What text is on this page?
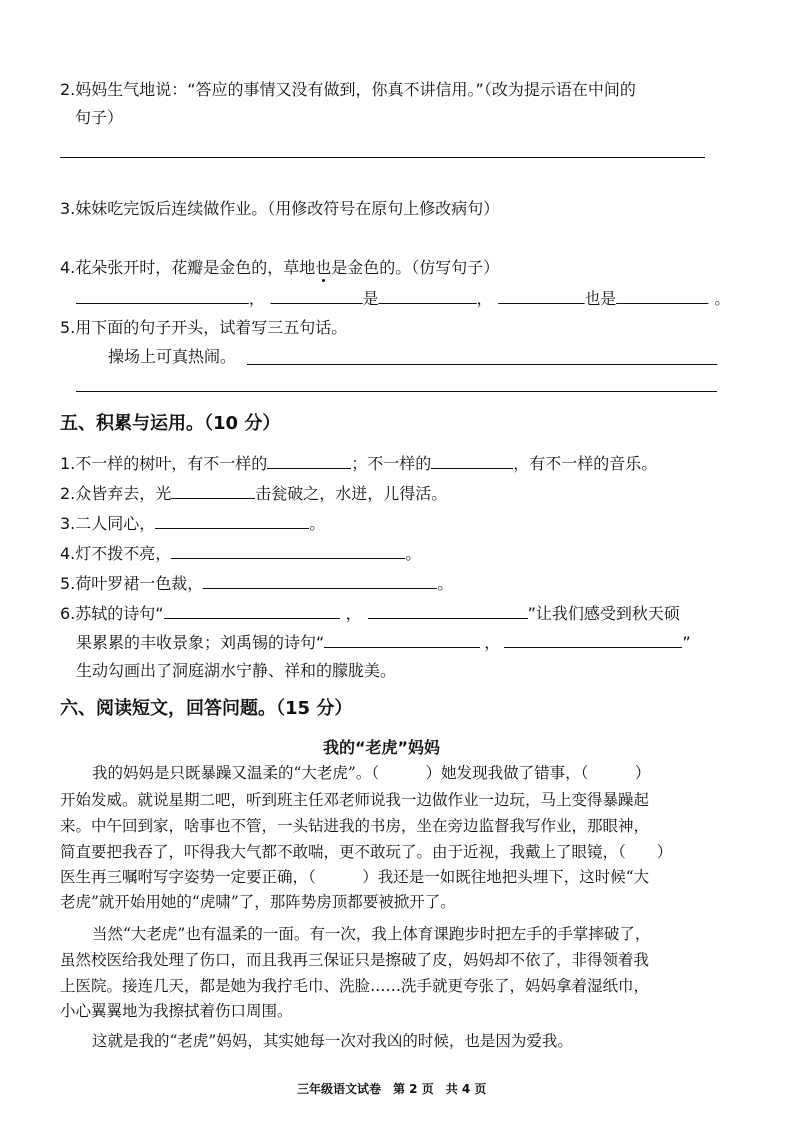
2.妈妈生气地说：“答应的事情又没有做到，你真不讲信用。”（改为提示语在中间的
句子）
3.妹妹吃完饭后连续做作业。（用修改符号在原句上修改病句）
4.花朵张开时，花瓣是金色的，草地也是金色的。（仿写句子）
，	是	，	也是	。
5.用下面的句子开头，试着写三五句话。
操场上可真热闹。
五、积累与运用。（10 分）
1.不一样的树叶，有不一样的	；不一样的	，有不一样的音乐。
2.众皆弃去，光	击瓮破之，水迸，儿得活。
3.二人同心，	。
4.灯不拨不亮，	。
5.荷叶罗裙一色裁，	。
6.苏轼的诗句“	，	”让我们感受到秋天硕
果累累的丰收景象；刘禹锡的诗句“	，	”
生动勾画出了洞庭湖水宁静、祥和的朦胧美。
六、阅读短文，回答问题。（15 分）
我的“老虎”妈妈
我的妈妈是只既暴躁又温柔的“大老虎”。（　　　）她发现我做了错事，（　　　）
开始发威。就说星期二吧，听到班主任邓老师说我一边做作业一边玩，马上变得暴躁起
来。中午回到家，啥事也不管，一头钻进我的书房，坐在旁边监督我写作业，那眼神，
简直要把我吞了，吓得我大气都不敢喘，更不敢玩了。由于近视，我戴上了眼镜，（　　）
医生再三嘱咐写字姿势一定要正确，（　　　）我还是一如既往地把头埋下，这时候“大
老虎”就开始用她的“虎啸”了，那阵势房顶都要被掀开了。
当然“大老虎”也有温柔的一面。有一次，我上体育课跑步时把左手的手掌摔破了，
虽然校医给我处理了伤口，而且我再三保证只是擦破了皮，妈妈却不依了，非得领着我
上医院。接连几天，都是她为我拧毛巾、洗脸……洗手就更夸张了，妈妈拿着湿纸巾，
小心翼翼地为我擦拭着伤口周围。
这就是我的“老虎”妈妈，其实她每一次对我凶的时候，也是因为爱我。
三年级语文试卷　第 2 页　共 4 页
